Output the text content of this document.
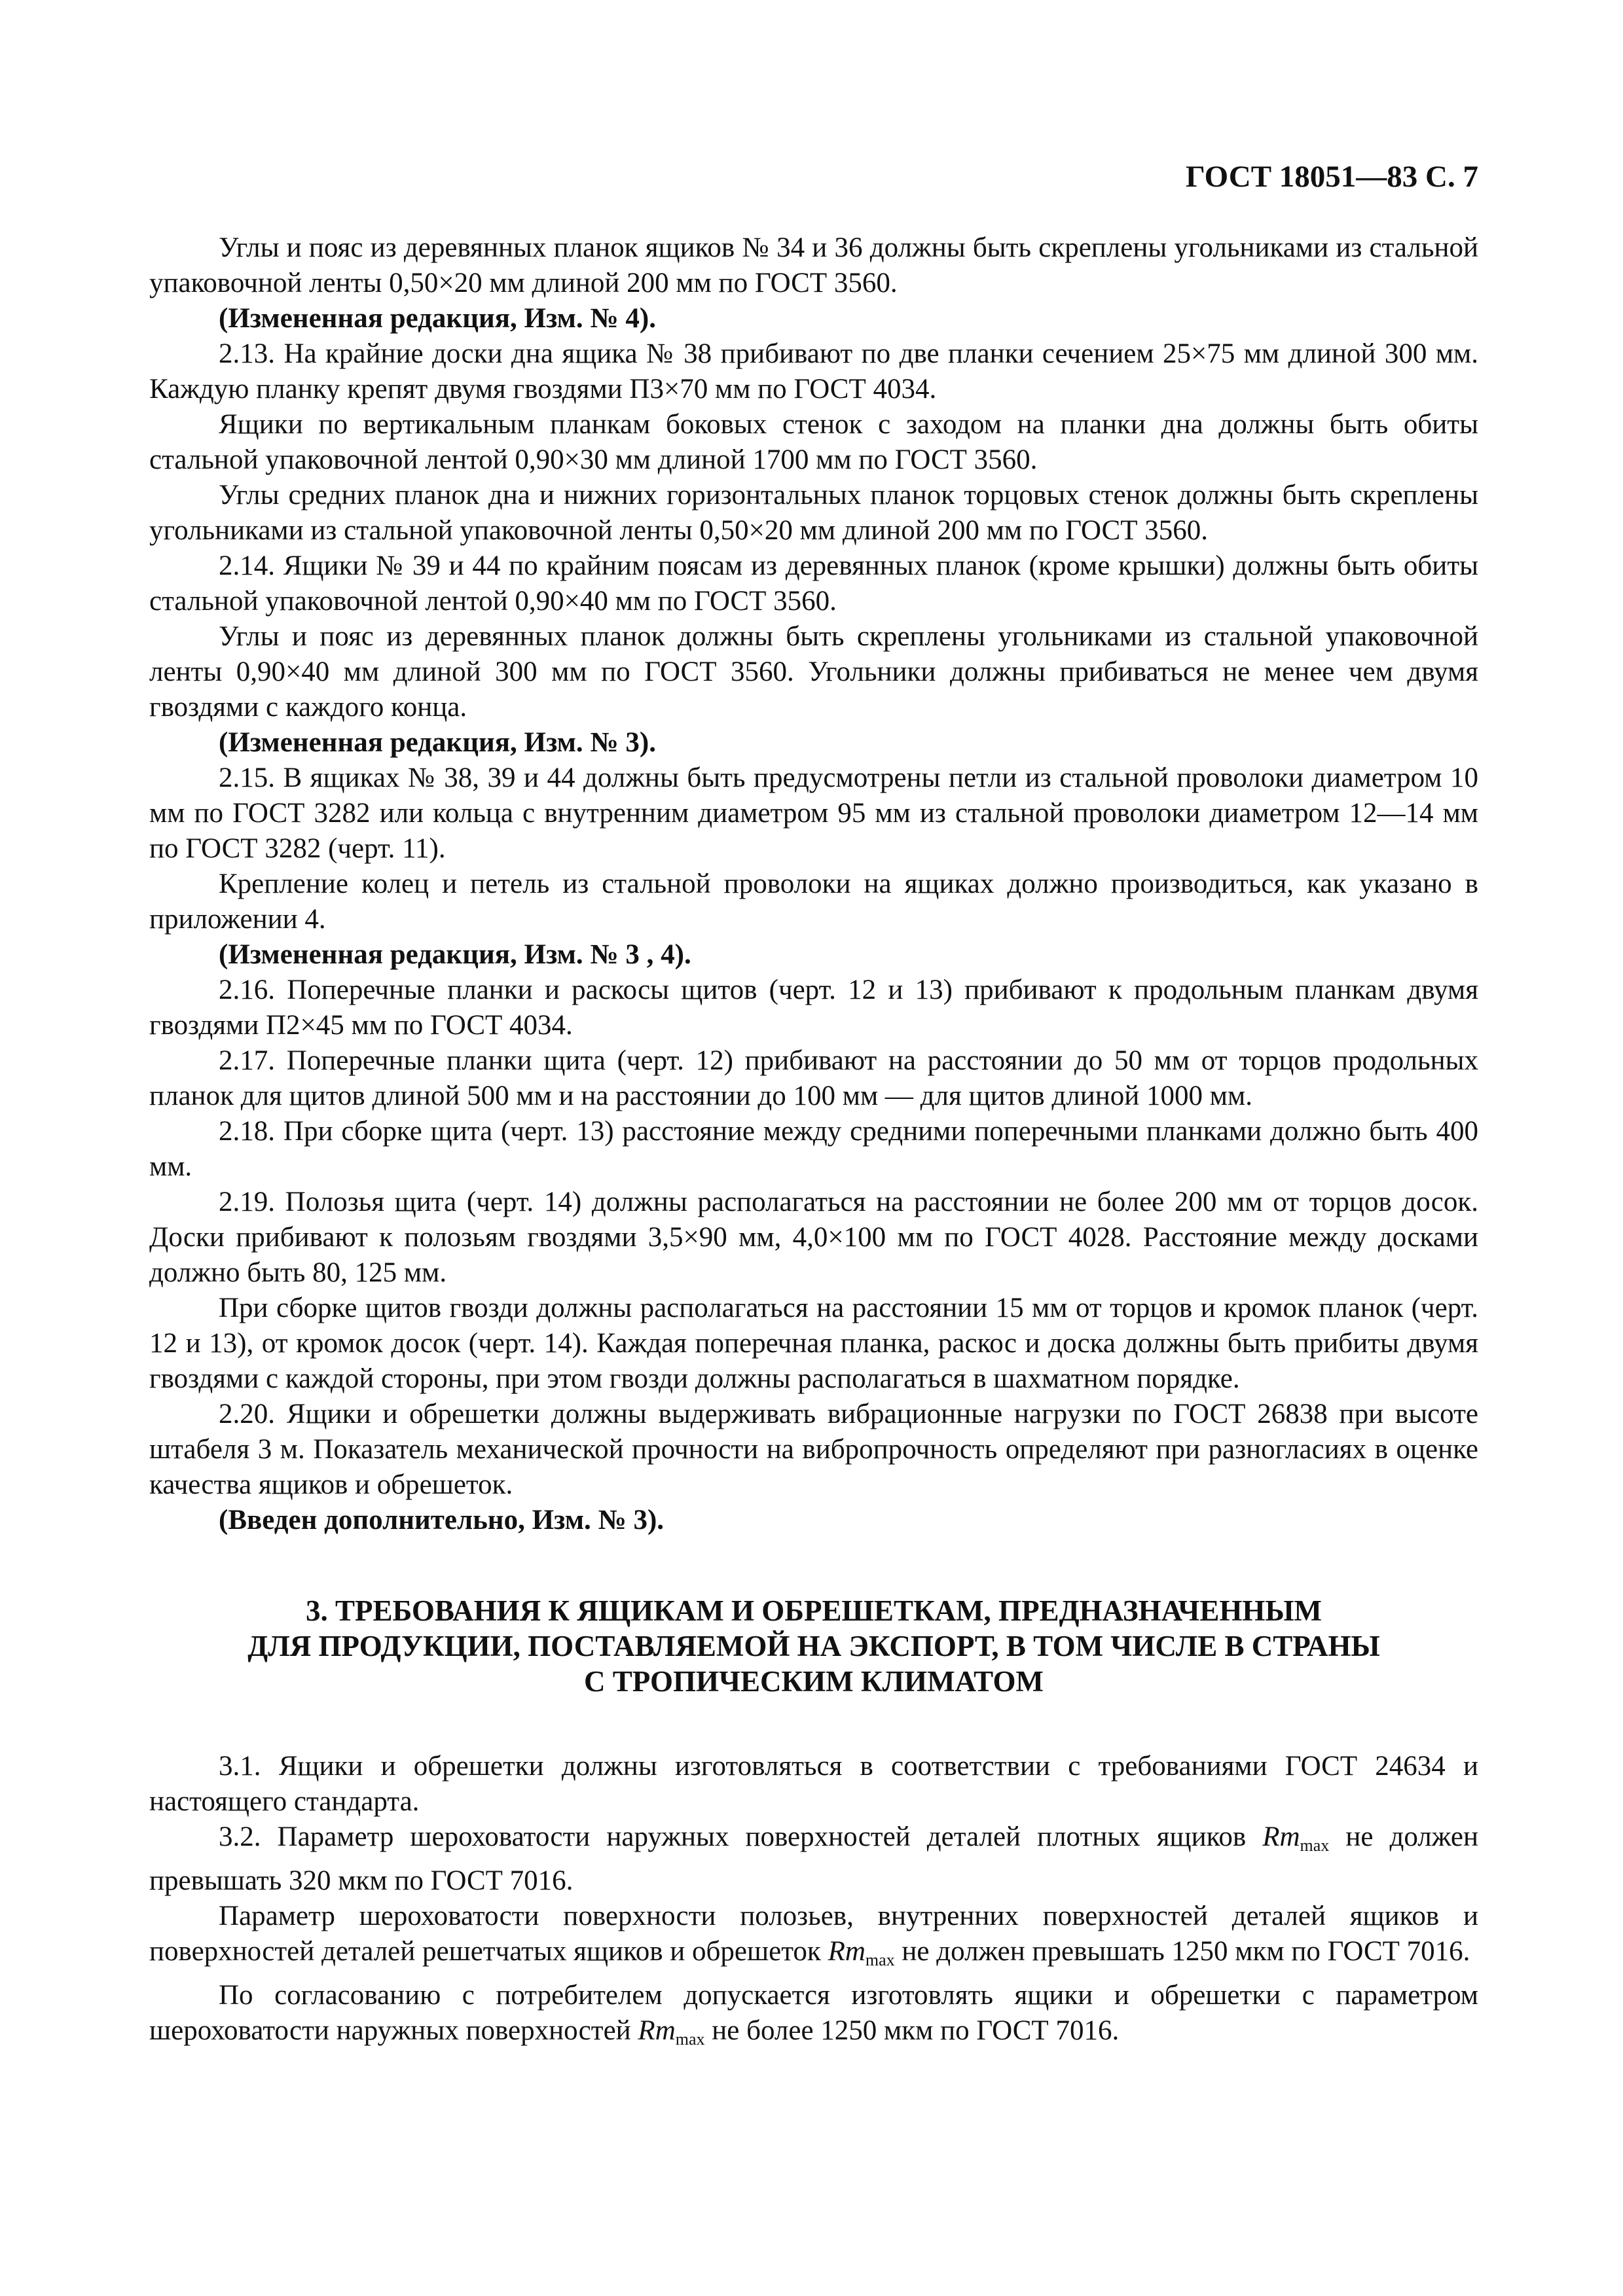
ГОСТ 18051—83 С. 7

Углы и пояс из деревянных планок ящиков № 34 и 36 должны быть скреплены угольниками из стальной упаковочной ленты 0,50×20 мм длиной 200 мм по ГОСТ 3560.

(Измененная редакция, Изм. № 4).

2.13. На крайние доски дна ящика № 38 прибивают по две планки сечением 25×75 мм длиной 300 мм. Каждую планку крепят двумя гвоздями П3×70 мм по ГОСТ 4034.

Ящики по вертикальным планкам боковых стенок с заходом на планки дна должны быть обиты стальной упаковочной лентой 0,90×30 мм длиной 1700 мм по ГОСТ 3560.

Углы средних планок дна и нижних горизонтальных планок торцовых стенок должны быть скреплены угольниками из стальной упаковочной ленты 0,50×20 мм длиной 200 мм по ГОСТ 3560.

2.14. Ящики № 39 и 44 по крайним поясам из деревянных планок (кроме крышки) должны быть обиты стальной упаковочной лентой 0,90×40 мм по ГОСТ 3560.

Углы и пояс из деревянных планок должны быть скреплены угольниками из стальной упаковочной ленты 0,90×40 мм длиной 300 мм по ГОСТ 3560. Угольники должны прибиваться не менее чем двумя гвоздями с каждого конца.

(Измененная редакция, Изм. № 3).

2.15. В ящиках № 38, 39 и 44 должны быть предусмотрены петли из стальной проволоки диаметром 10 мм по ГОСТ 3282 или кольца с внутренним диаметром 95 мм из стальной проволоки диаметром 12—14 мм по ГОСТ 3282 (черт. 11).

Крепление колец и петель из стальной проволоки на ящиках должно производиться, как указано в приложении 4.

(Измененная редакция, Изм. № 3 , 4).

2.16. Поперечные планки и раскосы щитов (черт. 12 и 13) прибивают к продольным планкам двумя гвоздями П2×45 мм по ГОСТ 4034.

2.17. Поперечные планки щита (черт. 12) прибивают на расстоянии до 50 мм от торцов продольных планок для щитов длиной 500 мм и на расстоянии до 100 мм — для щитов длиной 1000 мм.

2.18. При сборке щита (черт. 13) расстояние между средними поперечными планками должно быть 400 мм.

2.19. Полозья щита (черт. 14) должны располагаться на расстоянии не более 200 мм от торцов досок. Доски прибивают к полозьям гвоздями 3,5×90 мм, 4,0×100 мм по ГОСТ 4028. Расстояние между досками должно быть 80, 125 мм.

При сборке щитов гвозди должны располагаться на расстоянии 15 мм от торцов и кромок планок (черт. 12 и 13), от кромок досок (черт. 14). Каждая поперечная планка, раскос и доска должны быть прибиты двумя гвоздями с каждой стороны, при этом гвозди должны располагаться в шахматном порядке.

2.20. Ящики и обрешетки должны выдерживать вибрационные нагрузки по ГОСТ 26838 при высоте штабеля 3 м. Показатель механической прочности на вибропрочность определяют при разногласиях в оценке качества ящиков и обрешеток.

(Введен дополнительно, Изм. № 3).

3. ТРЕБОВАНИЯ К ЯЩИКАМ И ОБРЕШЕТКАМ, ПРЕДНАЗНАЧЕННЫМ
ДЛЯ ПРОДУКЦИИ, ПОСТАВЛЯЕМОЙ НА ЭКСПОРТ, В ТОМ ЧИСЛЕ В СТРАНЫ
С ТРОПИЧЕСКИМ КЛИМАТОМ

3.1. Ящики и обрешетки должны изготовляться в соответствии с требованиями ГОСТ 24634 и настоящего стандарта.

3.2. Параметр шероховатости наружных поверхностей деталей плотных ящиков $Rm_{max}$ не должен превышать 320 мкм по ГОСТ 7016.

Параметр шероховатости поверхности полозьев, внутренних поверхностей деталей ящиков и поверхностей деталей решетчатых ящиков и обрешеток $Rm_{max}$ не должен превышать 1250 мкм по ГОСТ 7016.

По согласованию с потребителем допускается изготовлять ящики и обрешетки с параметром шероховатости наружных поверхностей $Rm_{max}$ не более 1250 мкм по ГОСТ 7016.
